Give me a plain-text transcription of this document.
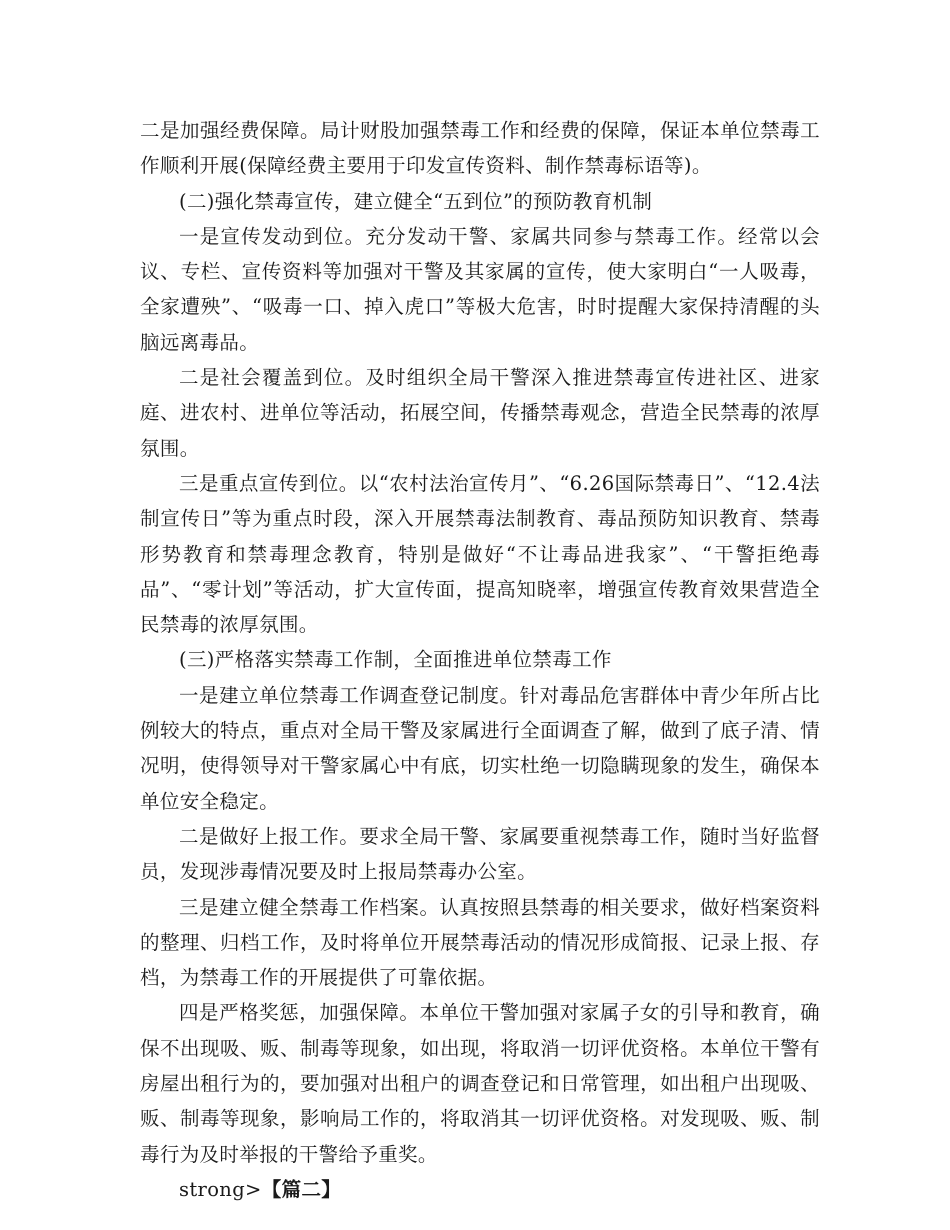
二是加强经费保障。局计财股加强禁毒工作和经费的保障，保证本单位禁毒工作顺利开展(保障经费主要用于印发宣传资料、制作禁毒标语等)。

(二)强化禁毒宣传，建立健全“五到位”的预防教育机制

一是宣传发动到位。充分发动干警、家属共同参与禁毒工作。经常以会议、专栏、宣传资料等加强对干警及其家属的宣传，使大家明白“一人吸毒，全家遭殃”、“吸毒一口、掉入虎口”等极大危害，时时提醒大家保持清醒的头脑远离毒品。

二是社会覆盖到位。及时组织全局干警深入推进禁毒宣传进社区、进家庭、进农村、进单位等活动，拓展空间，传播禁毒观念，营造全民禁毒的浓厚氛围。

三是重点宣传到位。以“农村法治宣传月”、“6.26国际禁毒日”、“12.4法制宣传日”等为重点时段，深入开展禁毒法制教育、毒品预防知识教育、禁毒形势教育和禁毒理念教育，特别是做好“不让毒品进我家”、“干警拒绝毒品”、“零计划”等活动，扩大宣传面，提高知晓率，增强宣传教育效果营造全民禁毒的浓厚氛围。

(三)严格落实禁毒工作制，全面推进单位禁毒工作

一是建立单位禁毒工作调查登记制度。针对毒品危害群体中青少年所占比例较大的特点，重点对全局干警及家属进行全面调查了解，做到了底子清、情况明，使得领导对干警家属心中有底，切实杜绝一切隐瞒现象的发生，确保本单位安全稳定。

二是做好上报工作。要求全局干警、家属要重视禁毒工作，随时当好监督员，发现涉毒情况要及时上报局禁毒办公室。

三是建立健全禁毒工作档案。认真按照县禁毒的相关要求，做好档案资料的整理、归档工作，及时将单位开展禁毒活动的情况形成简报、记录上报、存档，为禁毒工作的开展提供了可靠依据。

四是严格奖惩，加强保障。本单位干警加强对家属子女的引导和教育，确保不出现吸、贩、制毒等现象，如出现，将取消一切评优资格。本单位干警有房屋出租行为的，要加强对出租户的调查登记和日常管理，如出租户出现吸、贩、制毒等现象，影响局工作的，将取消其一切评优资格。对发现吸、贩、制毒行为及时举报的干警给予重奖。

strong>【篇二】
